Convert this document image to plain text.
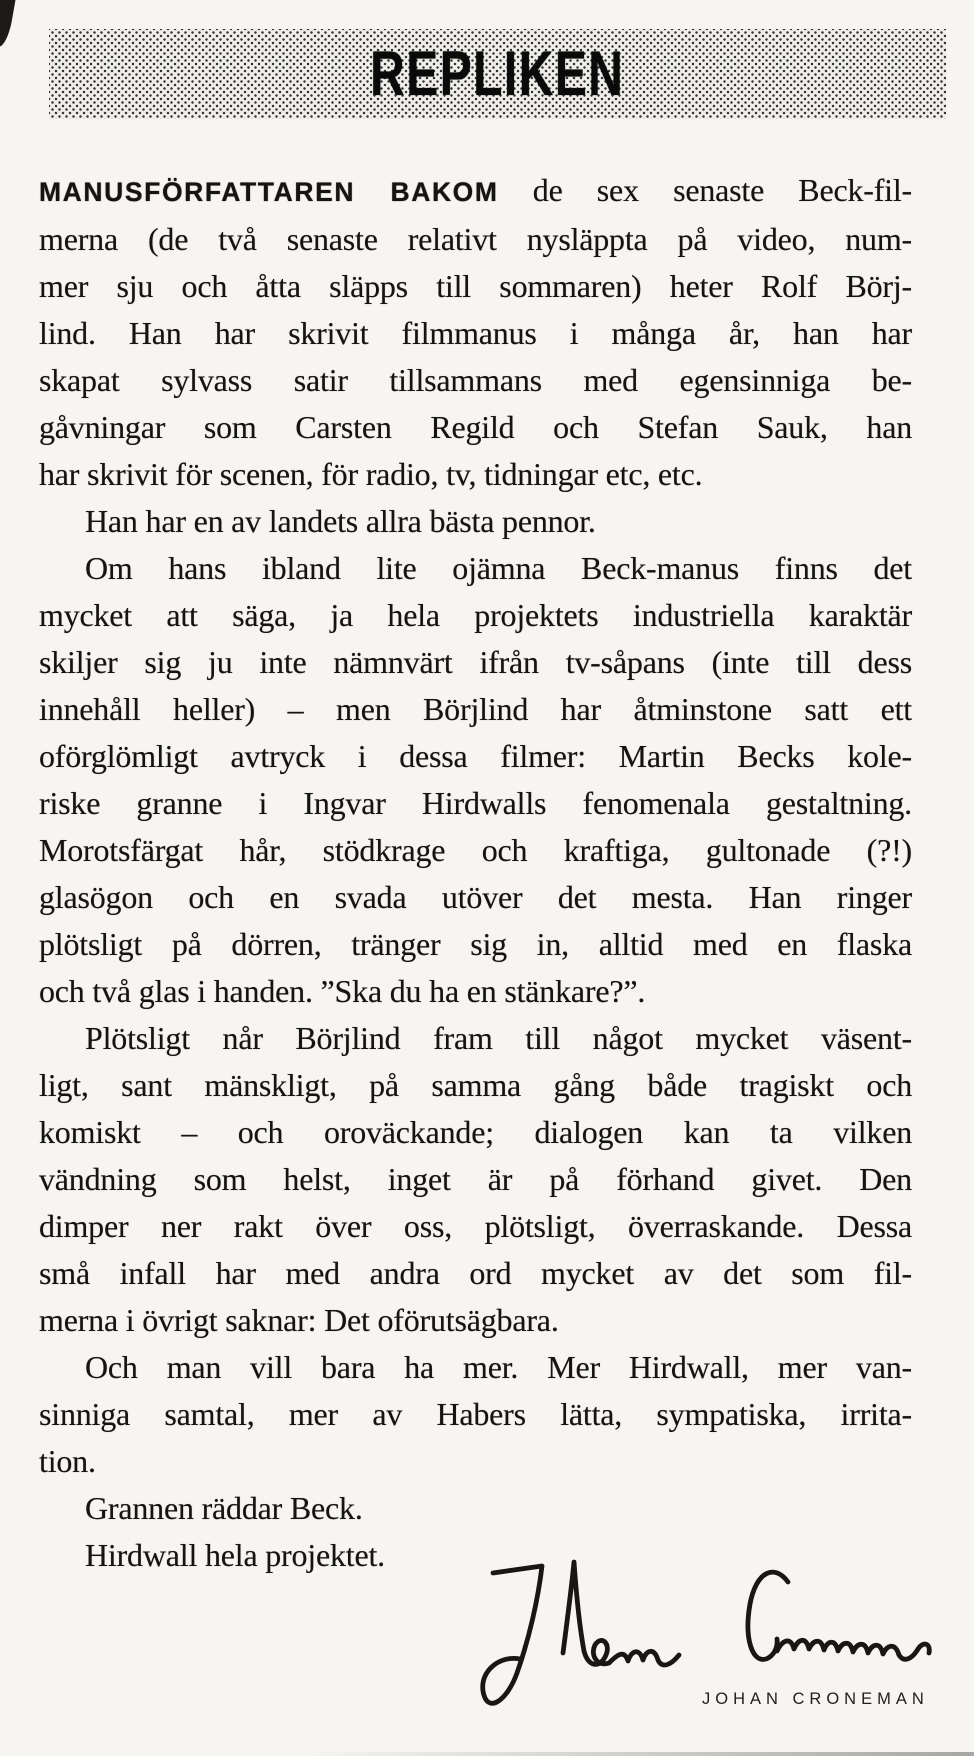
REPLIKEN
MANUSFÖRFATTAREN BAKOM de sex senaste Beck-fil-
merna (de två senaste relativt nysläppta på video, num-
mer sju och åtta släpps till sommaren) heter Rolf Börj-
lind. Han har skrivit filmmanus i många år, han har
skapat sylvass satir tillsammans med egensinniga be-
gåvningar som Carsten Regild och Stefan Sauk, han
har skrivit för scenen, för radio, tv, tidningar etc, etc.
Han har en av landets allra bästa pennor.
Om hans ibland lite ojämna Beck-manus finns det
mycket att säga, ja hela projektets industriella karaktär
skiljer sig ju inte nämnvärt ifrån tv-såpans (inte till dess
innehåll heller) – men Börjlind har åtminstone satt ett
oförglömligt avtryck i dessa filmer: Martin Becks kole-
riske granne i Ingvar Hirdwalls fenomenala gestaltning.
Morotsfärgat hår, stödkrage och kraftiga, gultonade (?!)
glasögon och en svada utöver det mesta. Han ringer
plötsligt på dörren, tränger sig in, alltid med en flaska
och två glas i handen. ”Ska du ha en stänkare?”.
Plötsligt når Börjlind fram till något mycket väsent-
ligt, sant mänskligt, på samma gång både tragiskt och
komiskt – och oroväckande; dialogen kan ta vilken
vändning som helst, inget är på förhand givet. Den
dimper ner rakt över oss, plötsligt, överraskande. Dessa
små infall har med andra ord mycket av det som fil-
merna i övrigt saknar: Det oförutsägbara.
Och man vill bara ha mer. Mer Hirdwall, mer van-
sinniga samtal, mer av Habers lätta, sympatiska, irrita-
tion.
Grannen räddar Beck.
Hirdwall hela projektet.
JOHAN CRONEMAN
